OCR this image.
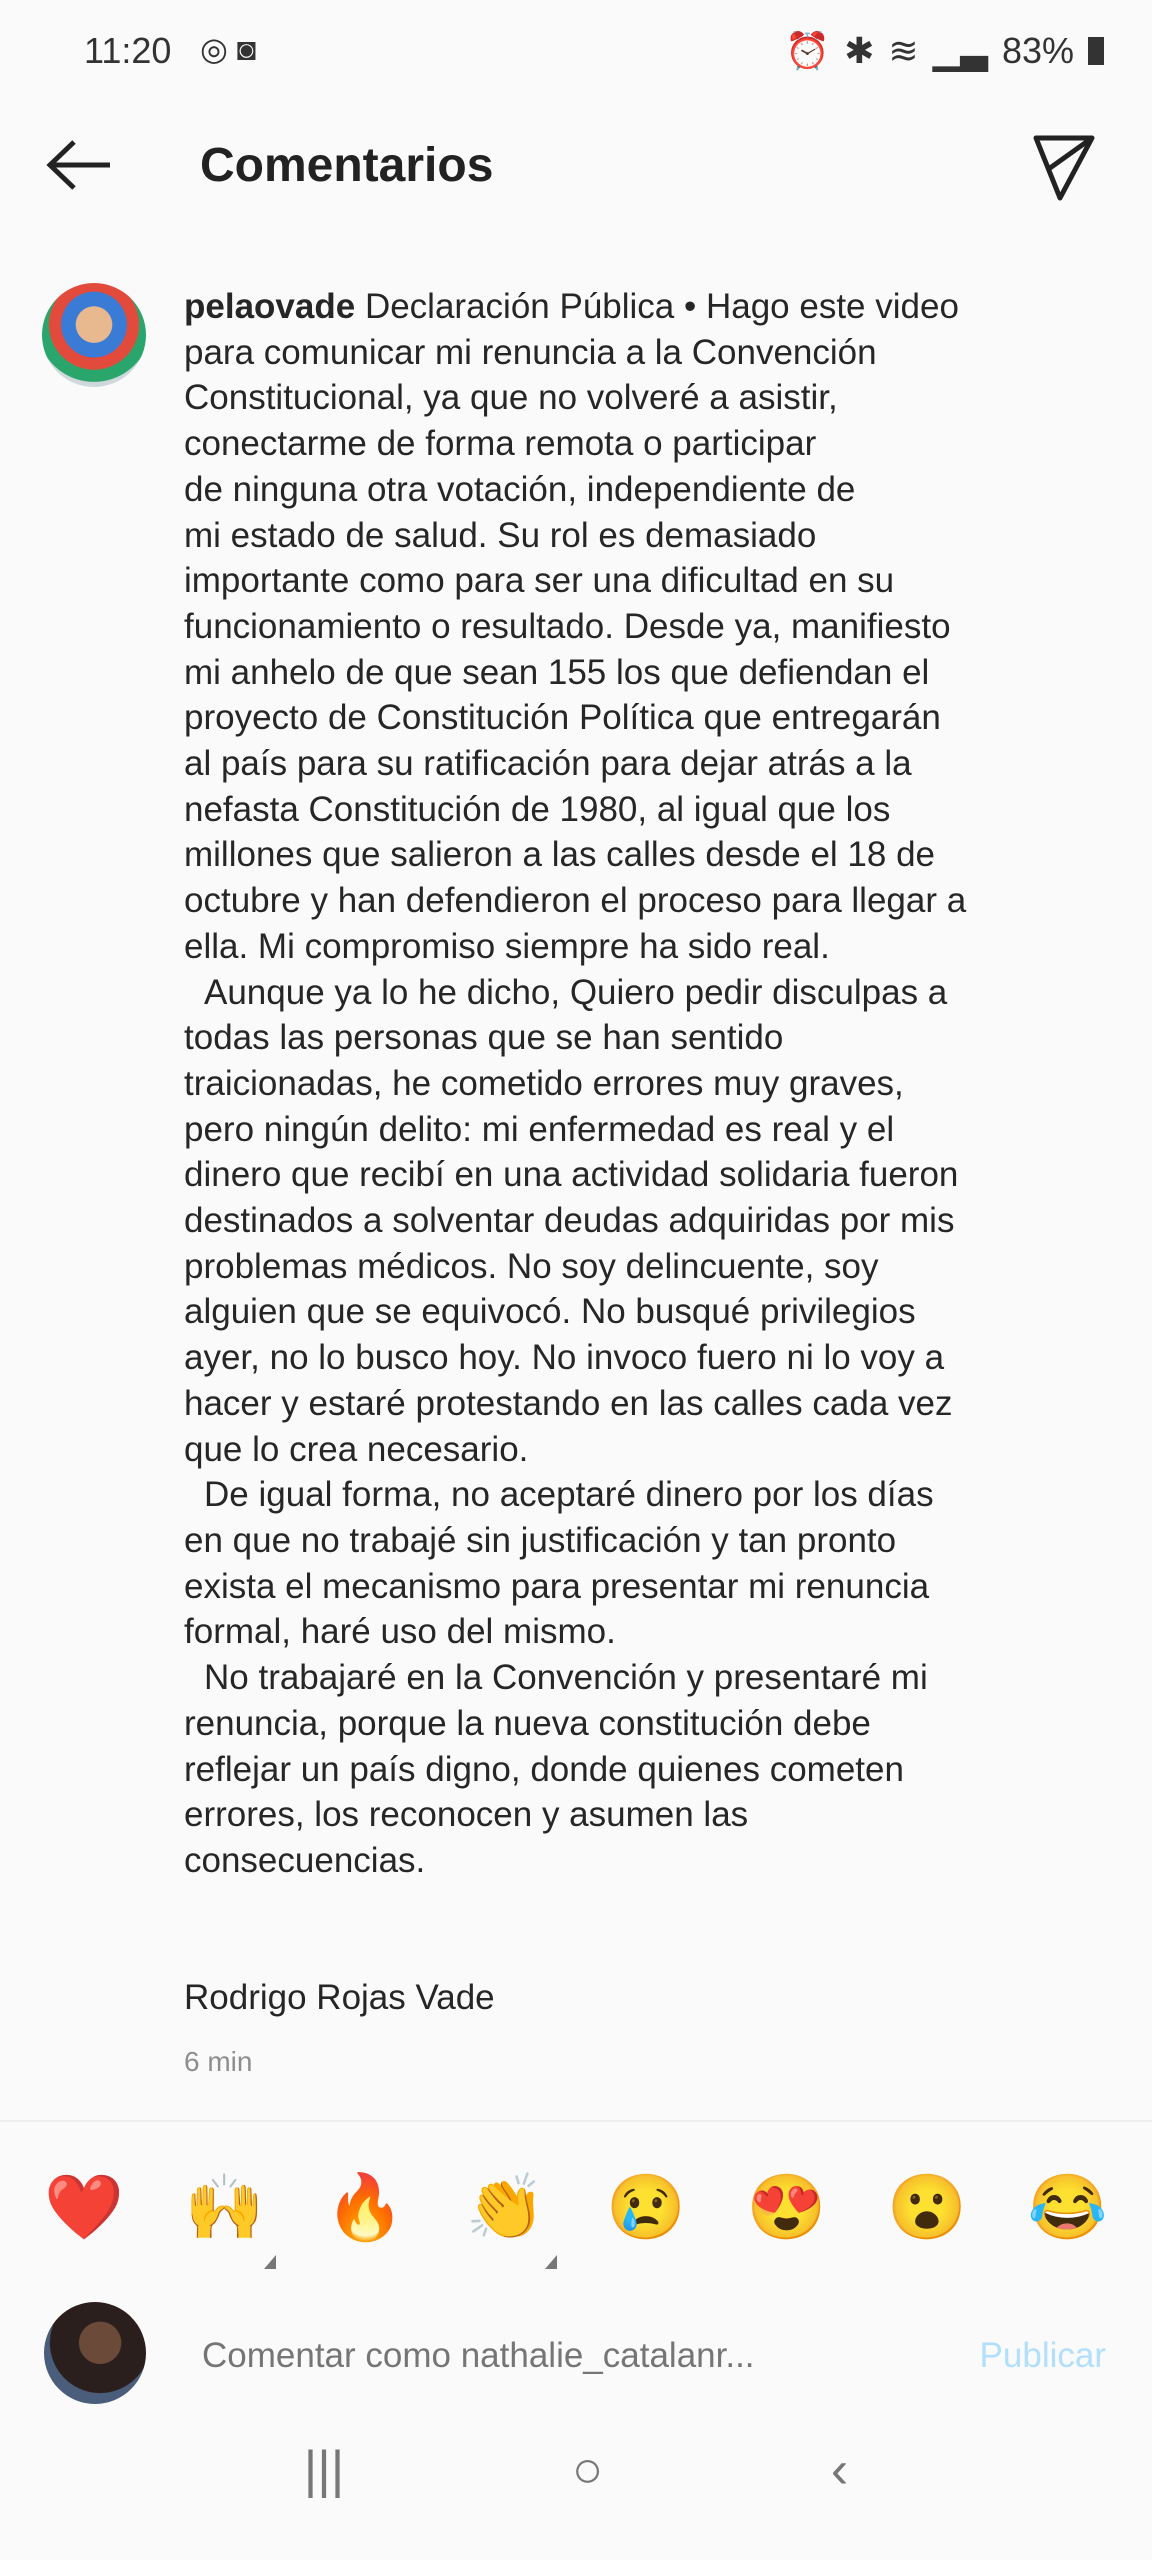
11:20 ◎ ◙	⏰ ✱ ≋ ▁▃ 83%
Comentarios
pelaovade Declaración Pública • Hago este video
para comunicar mi renuncia a la Convención
Constitucional, ya que no volveré a asistir,
conectarme de forma remota o participar
de ninguna otra votación, independiente de
mi estado de salud. Su rol es demasiado
importante como para ser una dificultad en su
funcionamiento o resultado. Desde ya, manifiesto
mi anhelo de que sean 155 los que defiendan el
proyecto de Constitución Política que entregarán
al país para su ratificación para dejar atrás a la
nefasta Constitución de 1980, al igual que los
millones que salieron a las calles desde el 18 de
octubre y han defendieron el proceso para llegar a
ella. Mi compromiso siempre ha sido real.
Aunque ya lo he dicho, Quiero pedir disculpas a
todas las personas que se han sentido
traicionadas, he cometido errores muy graves,
pero ningún delito: mi enfermedad es real y el
dinero que recibí en una actividad solidaria fueron
destinados a solventar deudas adquiridas por mis
problemas médicos. No soy delincuente, soy
alguien que se equivocó. No busqué privilegios
ayer, no lo busco hoy. No invoco fuero ni lo voy a
hacer y estaré protestando en las calles cada vez
que lo crea necesario.
De igual forma, no aceptaré dinero por los días
en que no trabajé sin justificación y tan pronto
exista el mecanismo para presentar mi renuncia
formal, haré uso del mismo.
No trabajaré en la Convención y presentaré mi
renuncia, porque la nueva constitución debe
reflejar un país digno, donde quienes cometen
errores, los reconocen y asumen las
consecuencias.
Rodrigo Rojas Vade
6 min
❤️ 🙌 🔥 👏 😢 😍 😮 😂
Comentar como nathalie_catalanr...
Publicar
|||	○	‹
